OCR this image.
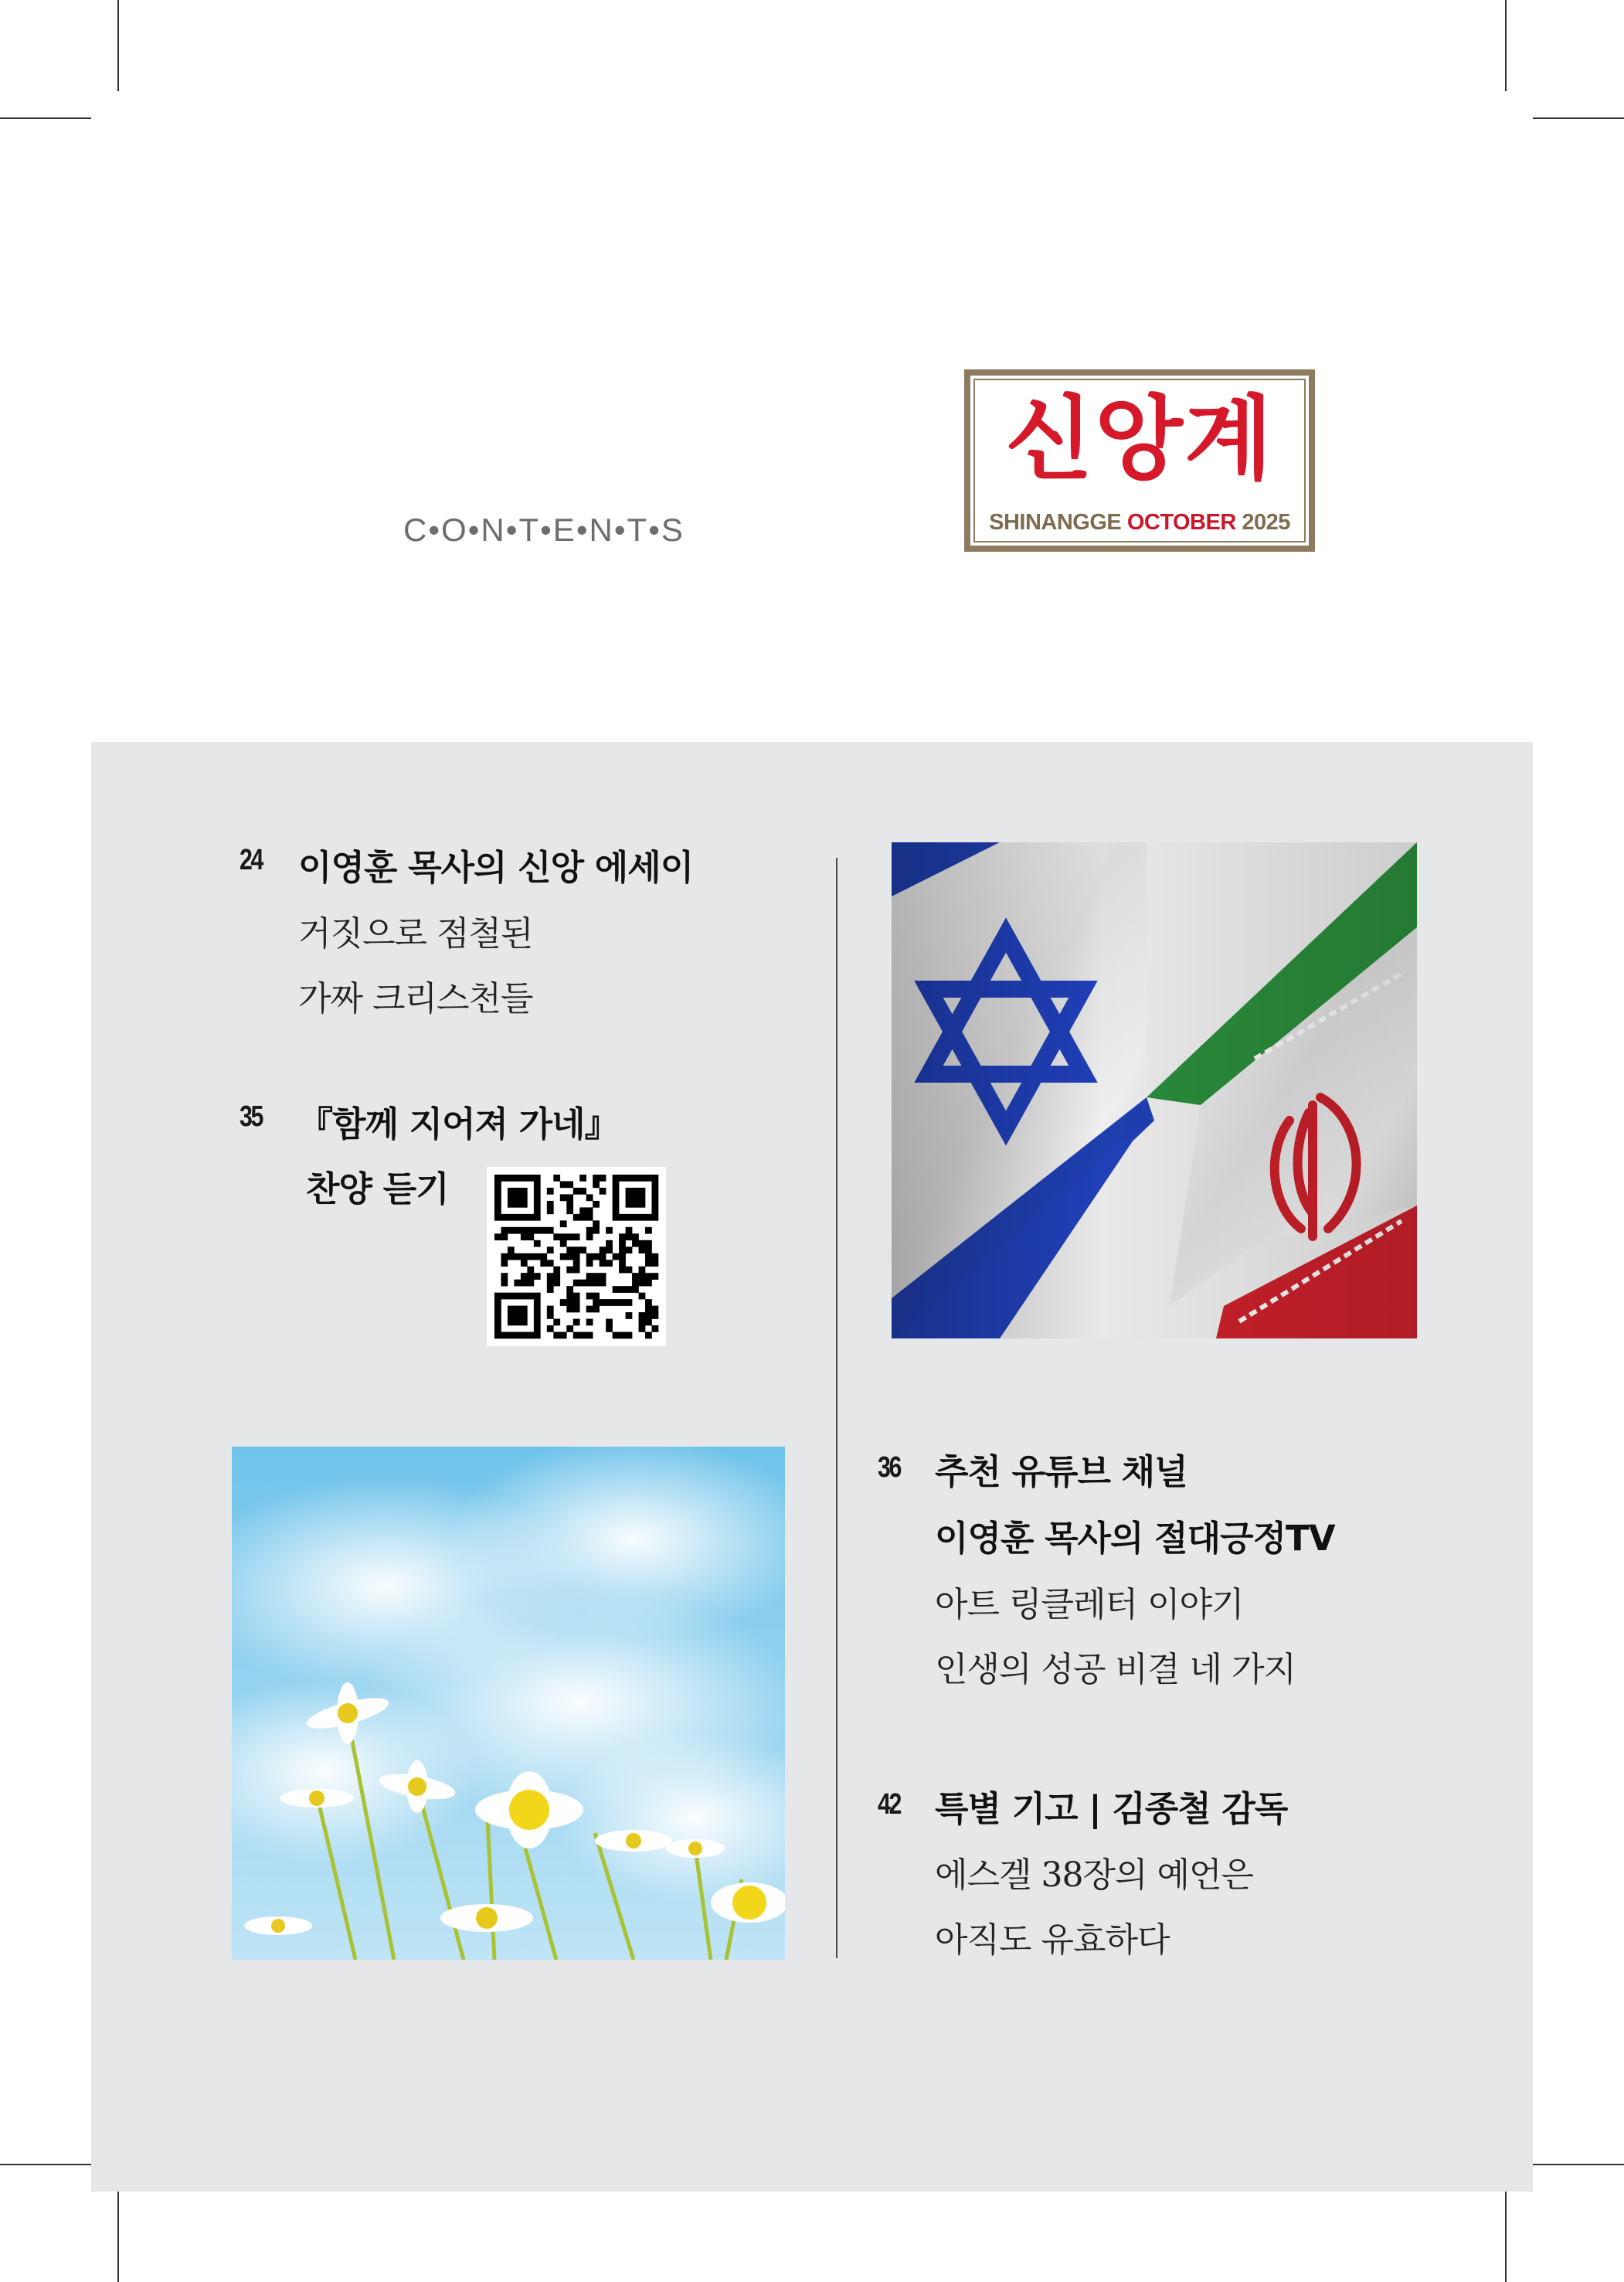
C•O•N•T•E•N•T•S
신앙계
SHINANGGE OCTOBER 2025
24 이영훈 목사의 신앙 에세이
거짓으로 점철된
가짜 크리스천들
35 『함께 지어져 가네』
찬양 듣기
36 추천 유튜브 채널
이영훈 목사의 절대긍정TV
아트 링클레터 이야기
인생의 성공 비결 네 가지
42 특별 기고 | 김종철 감독
에스겔 38장의 예언은
아직도 유효하다
